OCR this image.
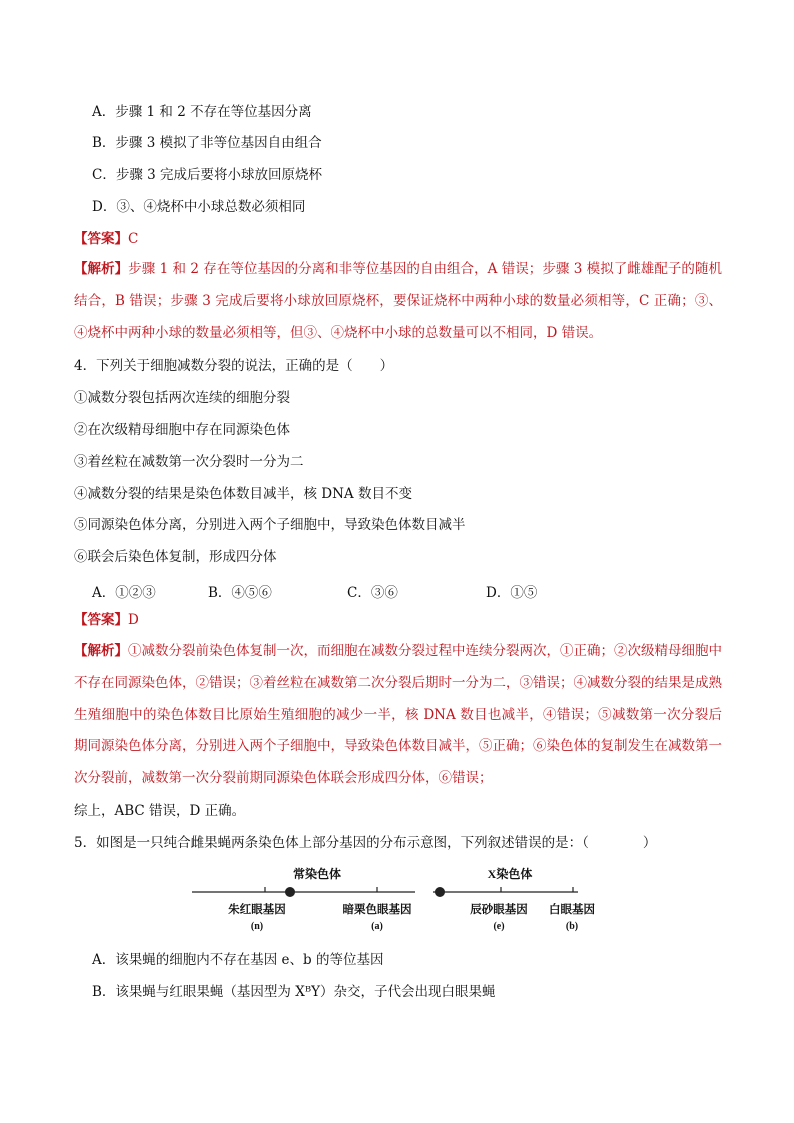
A．步骤 1 和 2 不存在等位基因分离
B．步骤 3 模拟了非等位基因自由组合
C．步骤 3 完成后要将小球放回原烧杯
D．③、④烧杯中小球总数必须相同
【答案】C
【解析】步骤 1 和 2 存在等位基因的分离和非等位基因的自由组合，A 错误；步骤 3 模拟了雌雄配子的随机结合，B 错误；步骤 3 完成后要将小球放回原烧杯，要保证烧杯中两种小球的数量必须相等，C 正确；③、④烧杯中两种小球的数量必须相等，但③、④烧杯中小球的总数量可以不相同，D 错误。
4．下列关于细胞减数分裂的说法，正确的是（　　）
①减数分裂包括两次连续的细胞分裂
②在次级精母细胞中存在同源染色体
③着丝粒在减数第一次分裂时一分为二
④减数分裂的结果是染色体数目减半，核 DNA 数目不变
⑤同源染色体分离，分别进入两个子细胞中，导致染色体数目减半
⑥联会后染色体复制，形成四分体
A．①②③	B．④⑤⑥	C．③⑥	D．①⑤
【答案】D
【解析】①减数分裂前染色体复制一次，而细胞在减数分裂过程中连续分裂两次，①正确；②次级精母细胞中不存在同源染色体，②错误；③着丝粒在减数第二次分裂后期时一分为二，③错误；④减数分裂的结果是成熟生殖细胞中的染色体数目比原始生殖细胞的减少一半，核 DNA 数目也减半，④错误；⑤减数第一次分裂后期同源染色体分离，分别进入两个子细胞中，导致染色体数目减半，⑤正确；⑥染色体的复制发生在减数第一次分裂前，减数第一次分裂前期同源染色体联会形成四分体，⑥错误；
综上，ABC 错误，D 正确。
5．如图是一只纯合雌果蝇两条染色体上部分基因的分布示意图，下列叙述错误的是：（　　　　）
常染色体	X染色体
朱红眼基因
(n)
暗栗色眼基因
(a)
辰砂眼基因
(e)
白眼基因
(b)
A．该果蝇的细胞内不存在基因 e、b 的等位基因
B．该果蝇与红眼果蝇（基因型为 XᴮY）杂交，子代会出现白眼果蝇
